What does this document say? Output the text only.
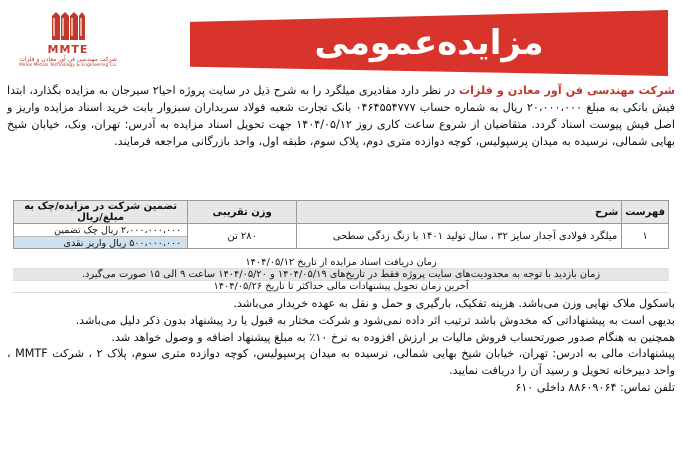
MMTE
شرکت مهندسی فن آور معادن و فلزات
Mines Metals Technology & Engineering Co.
مزایده‌عمومی
شرکت مهندسی فن آور معادن و فلزات در نظر دارد مقادیری میلگرد را به شرح ذیل در سایت پروژه احیا۲ سیرجان به مزایده بگذارد، ابتدا فیش بانکی به مبلغ ۲۰،۰۰۰،۰۰۰ ریال به شماره حساب ۰۴۶۴۵۵۴۷۷۷ بانک تجارت شعبه فولاد سربداران سبزوار بابت خرید اسناد مزایده واریز و اصل فیش پیوست اسناد گردد. متقاضیان از شروع ساعت کاری روز ۱۴۰۴/۰۵/۱۲ جهت تحویل اسناد مزایده به آدرس: تهران، ونک، خیابان شیخ بهایی شمالی، نرسیده به میدان پرسپولیس، کوچه دوازده متری دوم، پلاک سوم، طبقه اول، واحد بازرگانی مراجعه فرمایند.
فهرست	شرح	وزن تقریبی	تضمین شرکت در مزایده/چک به مبلغ/ریال
۱	میلگرد فولادی آجدار سایز ۳۲ ، سال تولید ۱۴۰۱ با زنگ زدگی سطحی	۲۸۰ تن	۲،۰۰۰،۰۰۰،۰۰۰ ریال چک تضمین
۵۰۰،۰۰۰،۰۰۰ ریال واریز نقدی
زمان دریافت اسناد مزایده از تاریخ ۱۴۰۴/۰۵/۱۲
زمان بازدید با توجه به محدودیت‌های سایت پروژه فقط در تاریخ‌های ۱۴۰۴/۰۵/۱۹ و ۱۴۰۴/۰۵/۲۰ ساعت ۹ الی ۱۵ صورت می‌گیرد.
آخرین زمان تحویل پیشنهادات مالی حداکثر تا تاریخ ۱۴۰۴/۰۵/۲۶

باسکول ملاک نهایی وزن می‌باشد. هزینه تفکیک، بارگیری و حمل و نقل به عهده خریدار می‌باشد.

بدیهی است به پیشنهاداتی که مخدوش باشد ترتیب اثر داده نمی‌شود و شرکت مختار به قبول یا رد پیشنهاد بدون ذکر دلیل می‌باشد.

همچنین به هنگام صدور صورتحساب فروش مالیات بر ارزش افزوده به نرخ ۱۰٪ به مبلغ پیشنهاد اضافه و وصول خواهد شد.

پیشنهادات مالی به ادرس: تهران، خیابان شیخ بهایی شمالی، نرسیده به میدان پرسپولیس، کوچه دوازده متری سوم، پلاک ۲ ، شرکت MMTF ، واحد دبیرخانه تحویل و رسید آن را دریافت نمایید.

تلفن تماس: ۸۸۶۰۹۰۶۴ داخلی ۶۱۰
